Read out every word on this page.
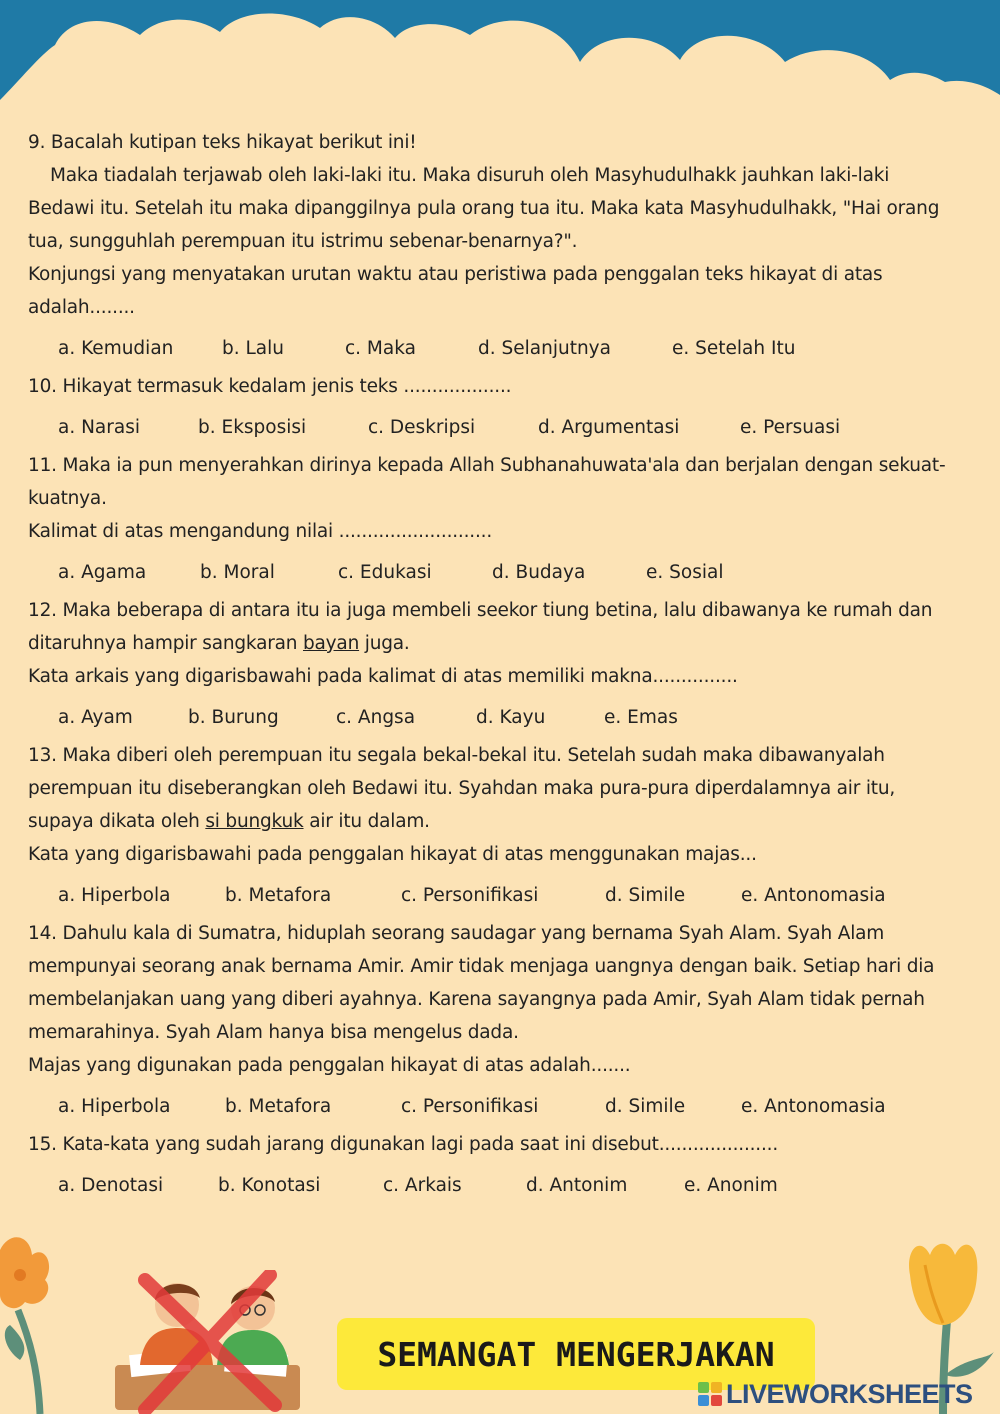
9. Bacalah kutipan teks hikayat berikut ini!

Maka tiadalah terjawab oleh laki-laki itu. Maka disuruh oleh Masyhudulhakk jauhkan laki-laki

Bedawi itu. Setelah itu maka dipanggilnya pula orang tua itu. Maka kata Masyhudulhakk, "Hai orang

tua, sungguhlah perempuan itu istrimu sebenar-benarnya?".

Konjungsi yang menyatakan urutan waktu atau peristiwa pada penggalan teks hikayat di atas

adalah........

a. Kemudian	b. Lalu	c. Maka	d. Selanjutnya	e. Setelah Itu

10. Hikayat termasuk kedalam jenis teks ...................

a. Narasi	b. Eksposisi	c. Deskripsi	d. Argumentasi	e. Persuasi

11. Maka ia pun menyerahkan dirinya kepada Allah Subhanahuwata'ala dan berjalan dengan sekuat-

kuatnya.

Kalimat di atas mengandung nilai ...........................

a. Agama	b. Moral	c. Edukasi	d. Budaya	e. Sosial

12. Maka beberapa di antara itu ia juga membeli seekor tiung betina, lalu dibawanya ke rumah dan

ditaruhnya hampir sangkaran bayan juga.

Kata arkais yang digarisbawahi pada kalimat di atas memiliki makna...............

a. Ayam	b. Burung	c. Angsa	d. Kayu	e. Emas

13. Maka diberi oleh perempuan itu segala bekal-bekal itu. Setelah sudah maka dibawanyalah

perempuan itu diseberangkan oleh Bedawi itu. Syahdan maka pura-pura diperdalamnya air itu,

supaya dikata oleh si bungkuk air itu dalam.

Kata yang digarisbawahi pada penggalan hikayat di atas menggunakan majas...

a. Hiperbola	b. Metafora	c. Personifikasi	d. Simile	e. Antonomasia

14. Dahulu kala di Sumatra, hiduplah seorang saudagar yang bernama Syah Alam. Syah Alam

mempunyai seorang anak bernama Amir. Amir tidak menjaga uangnya dengan baik. Setiap hari dia

membelanjakan uang yang diberi ayahnya. Karena sayangnya pada Amir, Syah Alam tidak pernah

memarahinya. Syah Alam hanya bisa mengelus dada.

Majas yang digunakan pada penggalan hikayat di atas adalah.......

a. Hiperbola	b. Metafora	c. Personifikasi	d. Simile	e. Antonomasia

15. Kata-kata yang sudah jarang digunakan lagi pada saat ini disebut.....................

a. Denotasi	b. Konotasi	c. Arkais	d. Antonim	e. Anonim
SEMANGAT MENGERJAKAN
LIVEWORKSHEETS
